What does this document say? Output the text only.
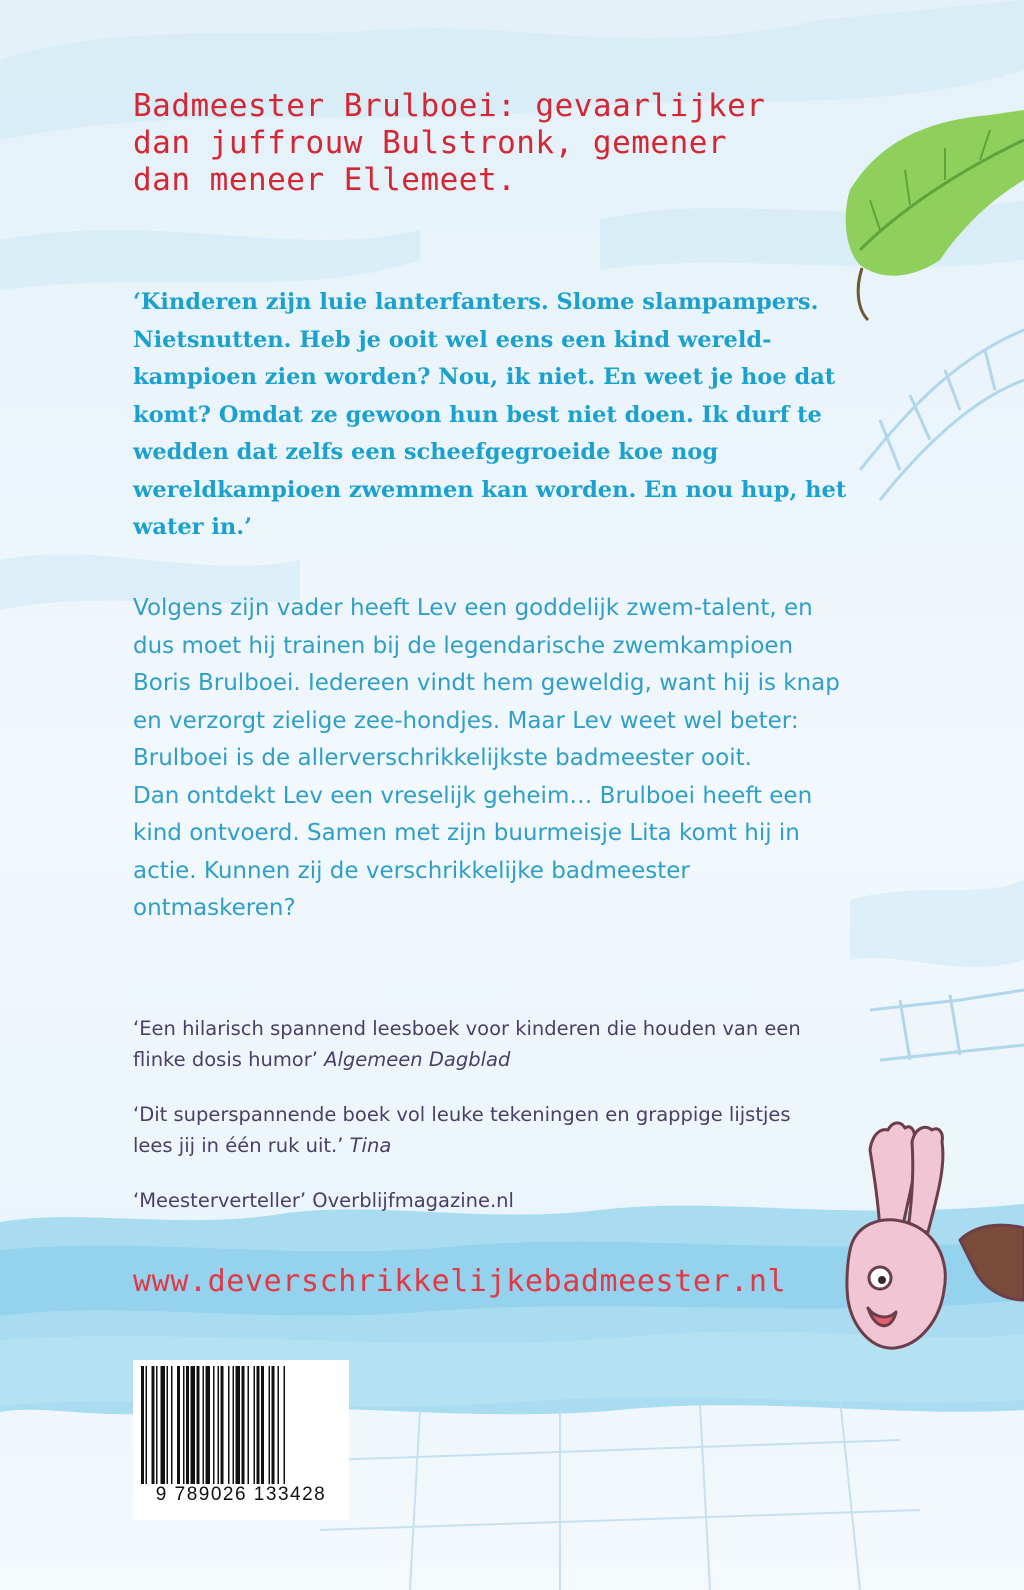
Badmeester Brulboei: gevaarlijker
dan juffrouw Bulstronk, gemener
dan meneer Ellemeet.

‘Kinderen zijn luie lanterfanters. Slome slampampers. Nietsnutten. Heb je ooit wel eens een kind wereld-kampioen zien worden? Nou, ik niet. En weet je hoe dat komt? Omdat ze gewoon hun best niet doen. Ik durf te wedden dat zelfs een scheefgegroeide koe nog wereldkampioen zwemmen kan worden. En nou hup, het water in.’

Volgens zijn vader heeft Lev een goddelijk zwem-talent, en dus moet hij trainen bij de legendarische zwemkampioen Boris Brulboei. Iedereen vindt hem geweldig, want hij is knap en verzorgt zielige zee-hondjes. Maar Lev weet wel beter: Brulboei is de allerverschrikkelijkste badmeester ooit.

Dan ontdekt Lev een vreselijk geheim… Brulboei heeft een kind ontvoerd. Samen met zijn buurmeisje Lita komt hij in actie. Kunnen zij de verschrikkelijke badmeester ontmaskeren?

‘Een hilarisch spannend leesboek voor kinderen die houden van een flinke dosis humor’ Algemeen Dagblad

‘Dit superspannende boek vol leuke tekeningen en grappige lijstjes lees jij in één ruk uit.’ Tina

‘Meesterverteller’ Overblijfmagazine.nl

www.deverschrikkelijkebadmeester.nl

9 789026 133428
